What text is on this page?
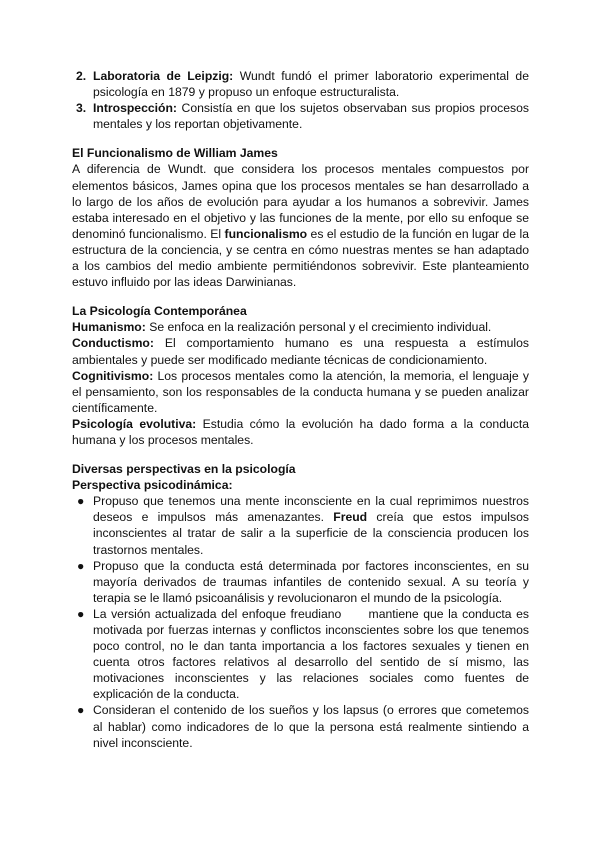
2. Laboratoria de Leipzig: Wundt fundó el primer laboratorio experimental de psicología en 1879 y propuso un enfoque estructuralista.
3. Introspección: Consistía en que los sujetos observaban sus propios procesos mentales y los reportan objetivamente.
El Funcionalismo de William James

A diferencia de Wundt. que considera los procesos mentales compuestos por elementos básicos, James opina que los procesos mentales se han desarrollado a lo largo de los años de evolución para ayudar a los humanos a sobrevivir. James estaba interesado en el objetivo y las funciones de la mente, por ello su enfoque se denominó funcionalismo. El funcionalismo es el estudio de la función en lugar de la estructura de la conciencia, y se centra en cómo nuestras mentes se han adaptado a los cambios del medio ambiente permitiéndonos sobrevivir. Este planteamiento estuvo influido por las ideas Darwinianas.

La Psicología Contemporánea

Humanismo: Se enfoca en la realización personal y el crecimiento individual.

Conductismo: El comportamiento humano es una respuesta a estímulos ambientales y puede ser modificado mediante técnicas de condicionamiento.

Cognitivismo: Los procesos mentales como la atención, la memoria, el lenguaje y el pensamiento, son los responsables de la conducta humana y se pueden analizar científicamente.

Psicología evolutiva: Estudia cómo la evolución ha dado forma a la conducta humana y los procesos mentales.

Diversas perspectivas en la psicología
Perspectiva psicodinámica:
● Propuso que tenemos una mente inconsciente en la cual reprimimos nuestros deseos e impulsos más amenazantes. Freud creía que estos impulsos inconscientes al tratar de salir a la superficie de la consciencia producen los trastornos mentales.
● Propuso que la conducta está determinada por factores inconscientes, en su mayoría derivados de traumas infantiles de contenido sexual. A su teoría y terapia se le llamó psicoanálisis y revolucionaron el mundo de la psicología.
● La versión actualizada del enfoque freudiano      mantiene que la conducta es motivada por fuerzas internas y conflictos inconscientes sobre los que tenemos poco control, no le dan tanta importancia a los factores sexuales y tienen en cuenta otros factores relativos al desarrollo del sentido de sí mismo, las motivaciones inconscientes y las relaciones sociales como fuentes de explicación de la conducta.
● Consideran el contenido de los sueños y los lapsus (o errores que cometemos al hablar) como indicadores de lo que la persona está realmente sintiendo a nivel inconsciente.
